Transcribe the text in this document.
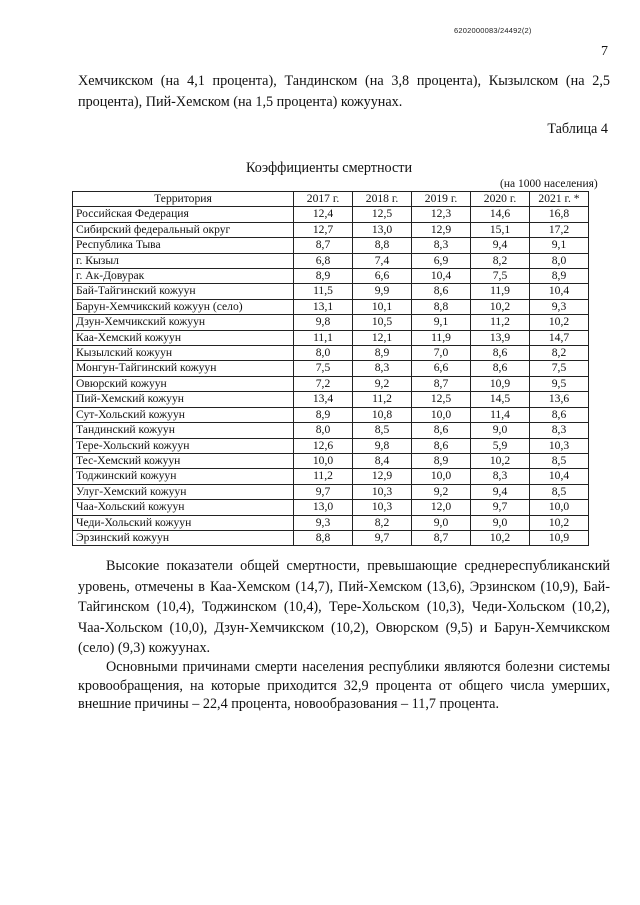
6202000083/24492(2)
7

Хемчикском (на 4,1 процента), Тандинском (на 3,8 процента), Кызылском (на 2,5 процента), Пий-Хемском (на 1,5 процента) кожуунах.

Таблица 4
Коэффициенты смертности
(на 1000 населения)
Территория	2017 г.	2018 г.	2019 г.	2020 г.	2021 г. *
Российская Федерация	12,4	12,5	12,3	14,6	16,8
Сибирский федеральный округ	12,7	13,0	12,9	15,1	17,2
Республика Тыва	8,7	8,8	8,3	9,4	9,1
г. Кызыл	6,8	7,4	6,9	8,2	8,0
г. Ак-Довурак	8,9	6,6	10,4	7,5	8,9
Бай-Тайгинский кожуун	11,5	9,9	8,6	11,9	10,4
Барун-Хемчикский кожуун (село)	13,1	10,1	8,8	10,2	9,3
Дзун-Хемчикский кожуун	9,8	10,5	9,1	11,2	10,2
Каа-Хемский кожуун	11,1	12,1	11,9	13,9	14,7
Кызылский кожуун	8,0	8,9	7,0	8,6	8,2
Монгун-Тайгинский кожуун	7,5	8,3	6,6	8,6	7,5
Овюрский кожуун	7,2	9,2	8,7	10,9	9,5
Пий-Хемский кожуун	13,4	11,2	12,5	14,5	13,6
Сут-Хольский кожуун	8,9	10,8	10,0	11,4	8,6
Тандинский кожуун	8,0	8,5	8,6	9,0	8,3
Тере-Хольский кожуун	12,6	9,8	8,6	5,9	10,3
Тес-Хемский кожуун	10,0	8,4	8,9	10,2	8,5
Тоджинский кожуун	11,2	12,9	10,0	8,3	10,4
Улуг-Хемский кожуун	9,7	10,3	9,2	9,4	8,5
Чаа-Хольский кожуун	13,0	10,3	12,0	9,7	10,0
Чеди-Хольский кожуун	9,3	8,2	9,0	9,0	10,2
Эрзинский кожуун	8,8	9,7	8,7	10,2	10,9

Высокие показатели общей смертности, превышающие среднереспубликанский уровень, отмечены в Каа-Хемском (14,7), Пий-Хемском (13,6), Эрзинском (10,9), Бай-Тайгинском (10,4), Тоджинском (10,4), Тере-Хольском (10,3), Чеди-Хольском (10,2), Чаа-Хольском (10,0), Дзун-Хемчикском (10,2), Овюрском (9,5) и Барун-Хемчикском (село) (9,3) кожуунах.

Основными причинами смерти населения республики являются болезни системы кровообращения, на которые приходится 32,9 процента от общего числа умерших, внешние причины – 22,4 процента, новообразования – 11,7 процента.
